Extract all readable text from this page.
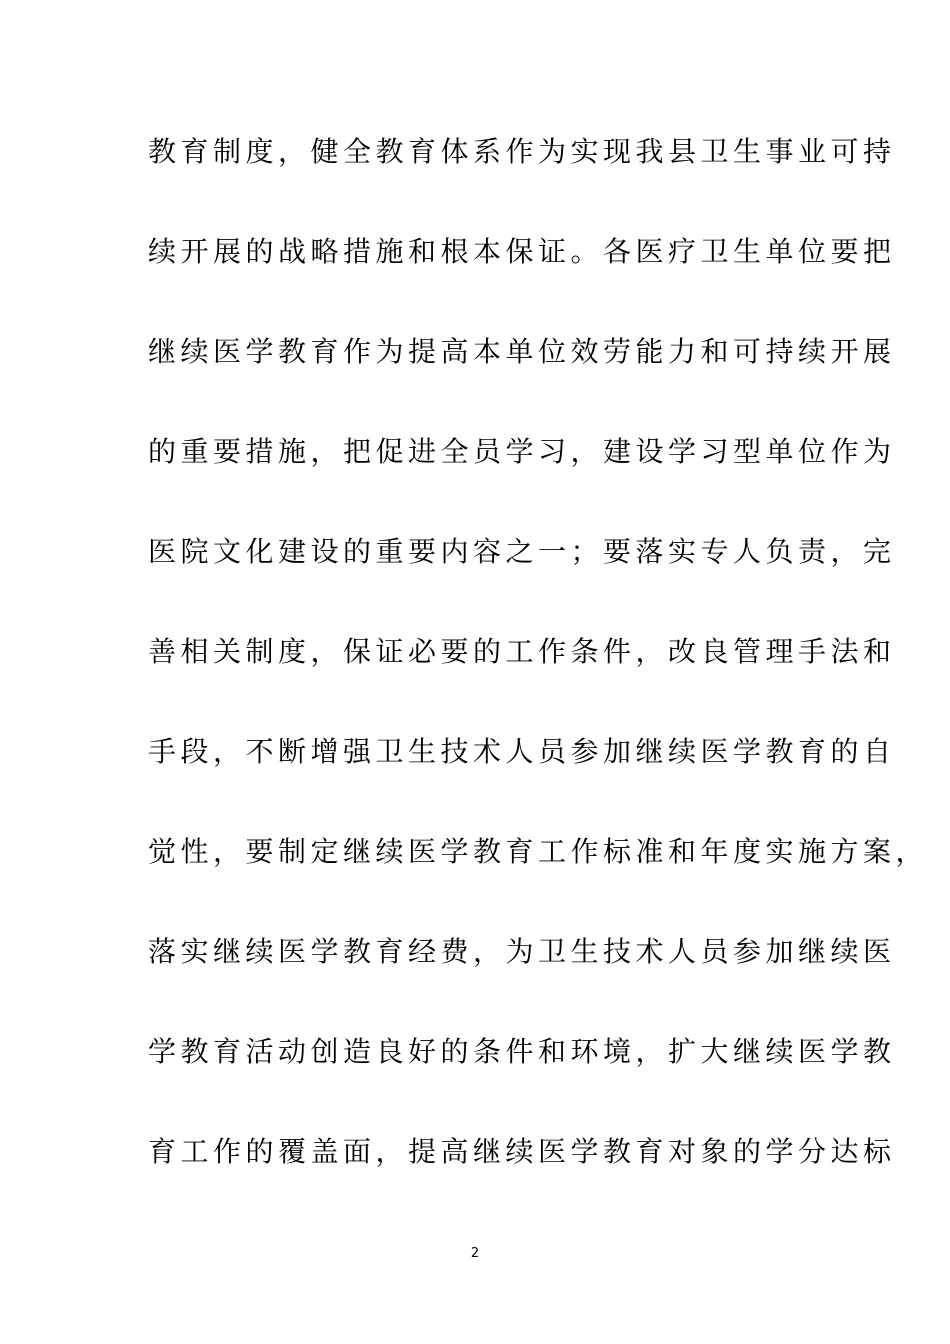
教育制度，健全教育体系作为实现我县卫生事业可持
续开展的战略措施和根本保证。各医疗卫生单位要把
继续医学教育作为提高本单位效劳能力和可持续开展
的重要措施，把促进全员学习，建设学习型单位作为
医院文化建设的重要内容之一；要落实专人负责，完
善相关制度，保证必要的工作条件，改良管理手法和
手段，不断增强卫生技术人员参加继续医学教育的自
觉性，要制定继续医学教育工作标准和年度实施方案，
落实继续医学教育经费，为卫生技术人员参加继续医
学教育活动创造良好的条件和环境，扩大继续医学教
育工作的覆盖面，提高继续医学教育对象的学分达标
2
